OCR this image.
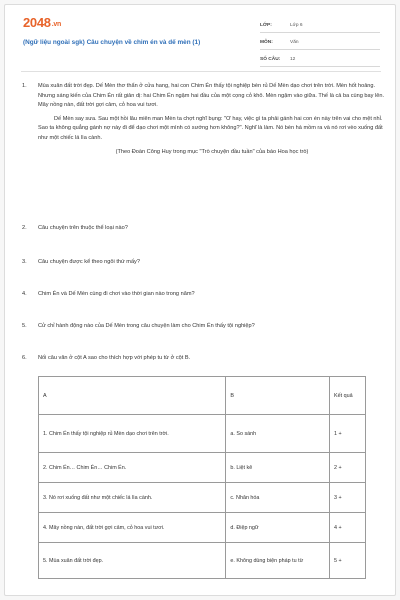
2048.vn
(Ngữ liệu ngoài sgk) Câu chuyện về chim én và dế mèn (1)
LỚP:	Lớp 6
MÔN:	Văn
SỐ CÂU:	12
1.	Mùa xuân đất trời đẹp. Dế Mèn thơ thẩn ở cửa hang, hai con Chim Én thấy tội nghiệp bèn rủ Dế Mèn dạo chơi trên trời. Mèn hốt hoảng. Nhưng sáng kiến của Chim Én rất giản dị: hai Chim Én ngậm hai đầu của một cọng cỏ khô. Mèn ngậm vào giữa. Thế là cả ba cùng bay lên. Mây nồng nàn, đất trời gợi cảm, cỏ hoa vui tươi.

Dế Mèn say sưa. Sau một hồi lâu miên man Mèn ta chợt nghĩ bụng: "Ơ hay, việc gì ta phải gánh hai con én này trên vai cho mệt nhỉ. Sao ta không quẳng gánh nợ này đi để dạo chơi một mình có sướng hơn không?". Nghĩ là làm. Nó bèn há mồm ra và nó rơi vèo xuống đất như một chiếc lá lìa cành.

(Theo Đoàn Công Huy trong mục "Trò chuyện đầu tuần" của báo Hoa học trò)

2.	Câu chuyện trên thuộc thể loại nào?
3.	Câu chuyện được kể theo ngôi thứ mấy?
4.	Chim Én và Dế Mèn cùng đi chơi vào thời gian nào trong năm?
5.	Cử chỉ hành động nào của Dế Mèn trong câu chuyện làm cho Chim Én thấy tội nghiệp?
6.	Nối câu văn ở cột A sao cho thích hợp với phép tu từ ở cột B.
A	B	Kết quả
1. Chim Én thấy tội nghiệp rủ Mèn dạo chơi trên trời.	a. So sánh	1 +
2. Chim Én… Chim Én… Chim Én.	b. Liệt kê	2 +
3. Nó rơi xuống đất như một chiếc lá lìa cành.	c. Nhân hóa	3 +
4. Mây nồng nàn, đất trời gợi cảm, cỏ hoa vui tươi.	d. Điệp ngữ	4 +
5. Mùa xuân đất trời đẹp.	e. Không dùng biện pháp tu từ	5 +
